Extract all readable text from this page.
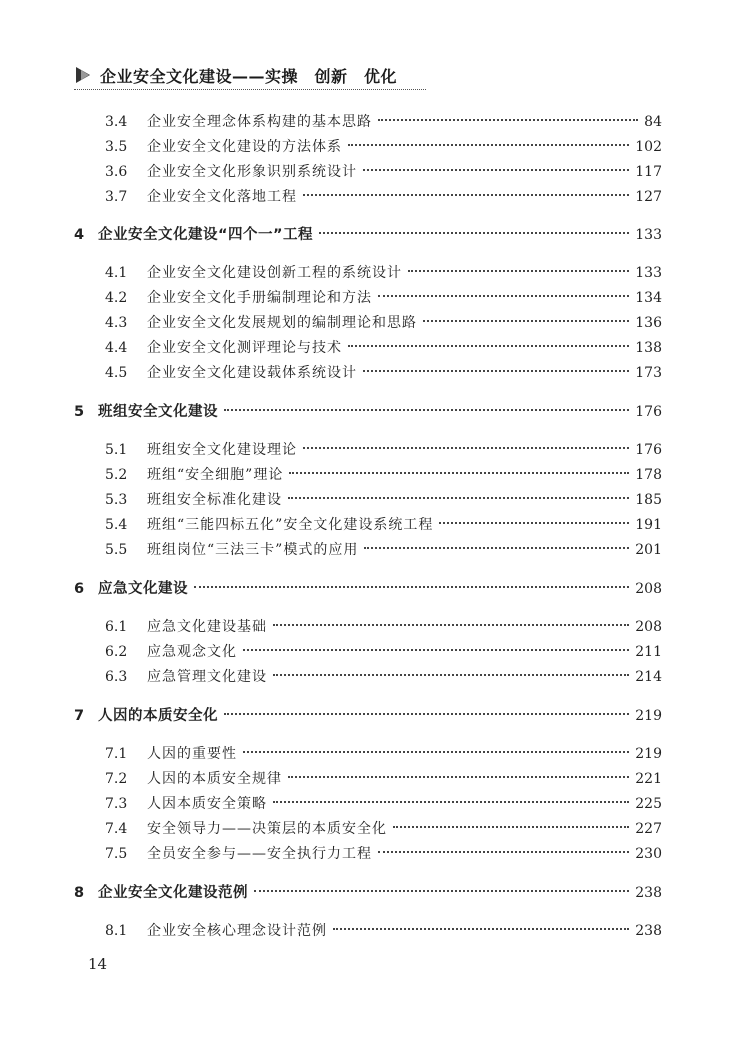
企业安全文化建设——实操　创新　优化
3.4	企业安全理念体系构建的基本思路	84
3.5	企业安全文化建设的方法体系	102
3.6	企业安全文化形象识别系统设计	117
3.7	企业安全文化落地工程	127
4 企业安全文化建设“四个一”工程	133
4.1	企业安全文化建设创新工程的系统设计	133
4.2	企业安全文化手册编制理论和方法	134
4.3	企业安全文化发展规划的编制理论和思路	136
4.4	企业安全文化测评理论与技术	138
4.5	企业安全文化建设载体系统设计	173
5 班组安全文化建设	176
5.1	班组安全文化建设理论	176
5.2	班组“安全细胞”理论	178
5.3	班组安全标准化建设	185
5.4	班组“三能四标五化”安全文化建设系统工程	191
5.5	班组岗位“三法三卡”模式的应用	201
6 应急文化建设	208
6.1	应急文化建设基础	208
6.2	应急观念文化	211
6.3	应急管理文化建设	214
7 人因的本质安全化	219
7.1	人因的重要性	219
7.2	人因的本质安全规律	221
7.3	人因本质安全策略	225
7.4	安全领导力——决策层的本质安全化	227
7.5	全员安全参与——安全执行力工程	230
8 企业安全文化建设范例	238
8.1	企业安全核心理念设计范例	238
14
